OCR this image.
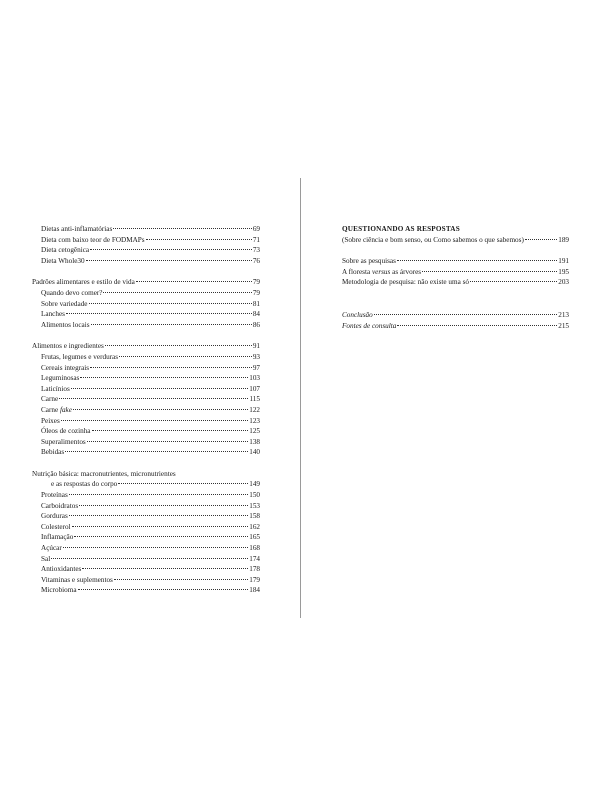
Dietas anti-inflamatórias	69
Dieta com baixo teor de FODMAPs	71
Dieta cetogênica	73
Dieta Whole30	76
Padrões alimentares e estilo de vida	79
Quando devo comer?	79
Sobre variedade	81
Lanches	84
Alimentos locais	86
Alimentos e ingredientes	91
Frutas, legumes e verduras	93
Cereais integrais	97
Leguminosas	103
Laticínios	107
Carne	115
Carne fake	122
Peixes	123
Óleos de cozinha	125
Superalimentos	138
Bebidas	140
Nutrição básica: macronutrientes, micronutrientes
e as respostas do corpo	149
Proteínas	150
Carboidratos	153
Gorduras	158
Colesterol	162
Inflamação	165
Açúcar	168
Sal	174
Antioxidantes	178
Vitaminas e suplementos	179
Microbioma	184
QUESTIONANDO AS RESPOSTAS
(Sobre ciência e bom senso, ou Como sabemos o que sabemos)	189
Sobre as pesquisas	191
A floresta versus as árvores	195
Metodologia de pesquisa: não existe uma só	203
Conclusão	213
Fontes de consulta	215
